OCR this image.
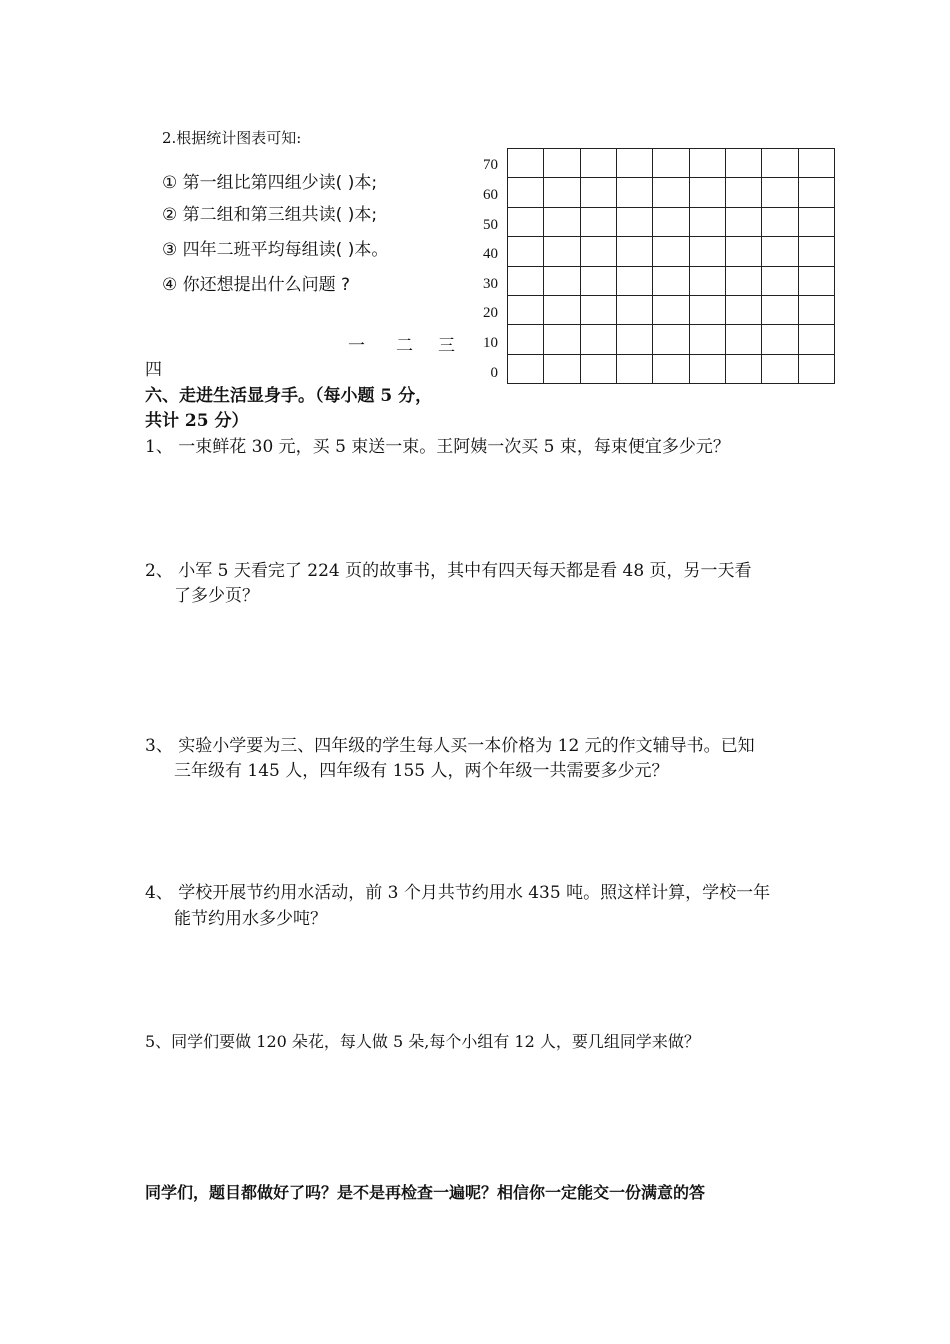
2.根据统计图表可知:
① 第一组比第四组少读( )本;
② 第二组和第三组共读( )本;
③ 四年二班平均每组读( )本。
④ 你还想提出什么问题 ?
一 二 三
四
70
60
50
40
30
20
10
0
六、走进生活显身手。（每小题 5 分，
共计 25 分）
1、 一束鲜花 30 元，买 5 束送一束。王阿姨一次买 5 束，每束便宜多少元？
2、 小军 5 天看完了 224 页的故事书，其中有四天每天都是看 48 页，另一天看
了多少页？
3、 实验小学要为三、四年级的学生每人买一本价格为 12 元的作文辅导书。已知
三年级有 145 人，四年级有 155 人，两个年级一共需要多少元？
4、 学校开展节约用水活动，前 3 个月共节约用水 435 吨。照这样计算，学校一年
能节约用水多少吨？
5、同学们要做 120 朵花，每人做 5 朵,每个小组有 12 人，要几组同学来做？
同学们，题目都做好了吗？是不是再检查一遍呢？相信你一定能交一份满意的答
